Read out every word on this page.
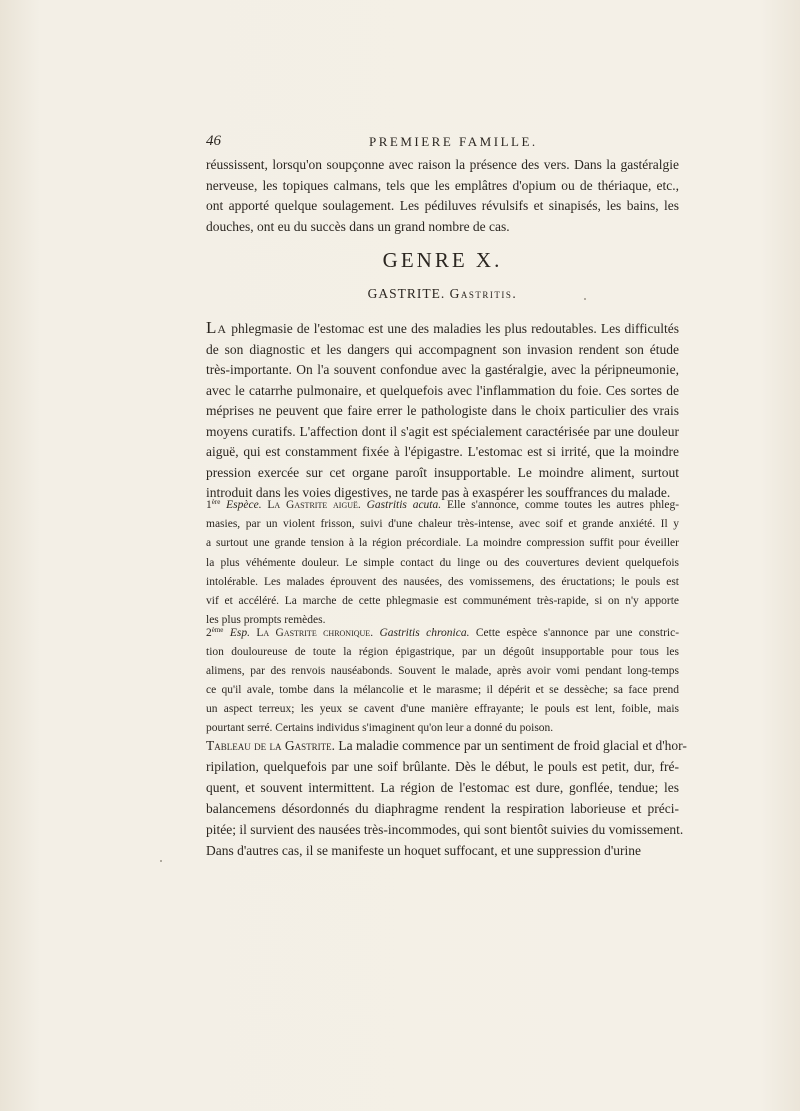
46	PREMIERE FAMILLE.
réussissent, lorsqu'on soupçonne avec raison la présence des vers. Dans la gastéralgie
nerveuse, les topiques calmans, tels que les emplâtres d'opium ou de thériaque, etc.,
ont apporté quelque soulagement. Les pédiluves révulsifs et sinapisés, les bains, les
douches, ont eu du succès dans un grand nombre de cas.
GENRE X.
GASTRITE. Gastritis.
La phlegmasie de l'estomac est une des maladies les plus redoutables. Les difficultés
de son diagnostic et les dangers qui accompagnent son invasion rendent son étude
très-importante. On l'a souvent confondue avec la gastéralgie, avec la péripneumonie,
avec le catarrhe pulmonaire, et quelquefois avec l'inflammation du foie. Ces sortes de
méprises ne peuvent que faire errer le pathologiste dans le choix particulier des vrais
moyens curatifs. L'affection dont il s'agit est spécialement caractérisée par une douleur
aiguë, qui est constamment fixée à l'épigastre. L'estomac est si irrité, que la moindre
pression exercée sur cet organe paroît insupportable. Le moindre aliment, surtout
introduit dans les voies digestives, ne tarde pas à exaspérer les souffrances du malade.
1ère Espèce. La Gastrite aiguë. Gastritis acuta. Elle s'annonce, comme toutes les autres phleg-
masies, par un violent frisson, suivi d'une chaleur très-intense, avec soif et grande anxiété. Il y
a surtout une grande tension à la région précordiale. La moindre compression suffit pour éveiller
la plus véhémente douleur. Le simple contact du linge ou des couvertures devient quelquefois
intolérable. Les malades éprouvent des nausées, des vomissemens, des éructations; le pouls est
vif et accéléré. La marche de cette phlegmasie est communément très-rapide, si on n'y apporte
les plus prompts remèdes.
2ème Esp. La Gastrite chronique. Gastritis chronica. Cette espèce s'annonce par une constric-
tion douloureuse de toute la région épigastrique, par un dégoût insupportable pour tous les
alimens, par des renvois nauséabonds. Souvent le malade, après avoir vomi pendant long-temps
ce qu'il avale, tombe dans la mélancolie et le marasme; il dépérit et se dessèche; sa face prend
un aspect terreux; les yeux se cavent d'une manière effrayante; le pouls est lent, foible, mais
pourtant serré. Certains individus s'imaginent qu'on leur a donné du poison.
Tableau de la Gastrite. La maladie commence par un sentiment de froid glacial et d'hor-
ripilation, quelquefois par une soif brûlante. Dès le début, le pouls est petit, dur, fré-
quent, et souvent intermittent. La région de l'estomac est dure, gonflée, tendue; les
balancemens désordonnés du diaphragme rendent la respiration laborieuse et préci-
pitée; il survient des nausées très-incommodes, qui sont bientôt suivies du vomissement.
Dans d'autres cas, il se manifeste un hoquet suffocant, et une suppression d'urine
